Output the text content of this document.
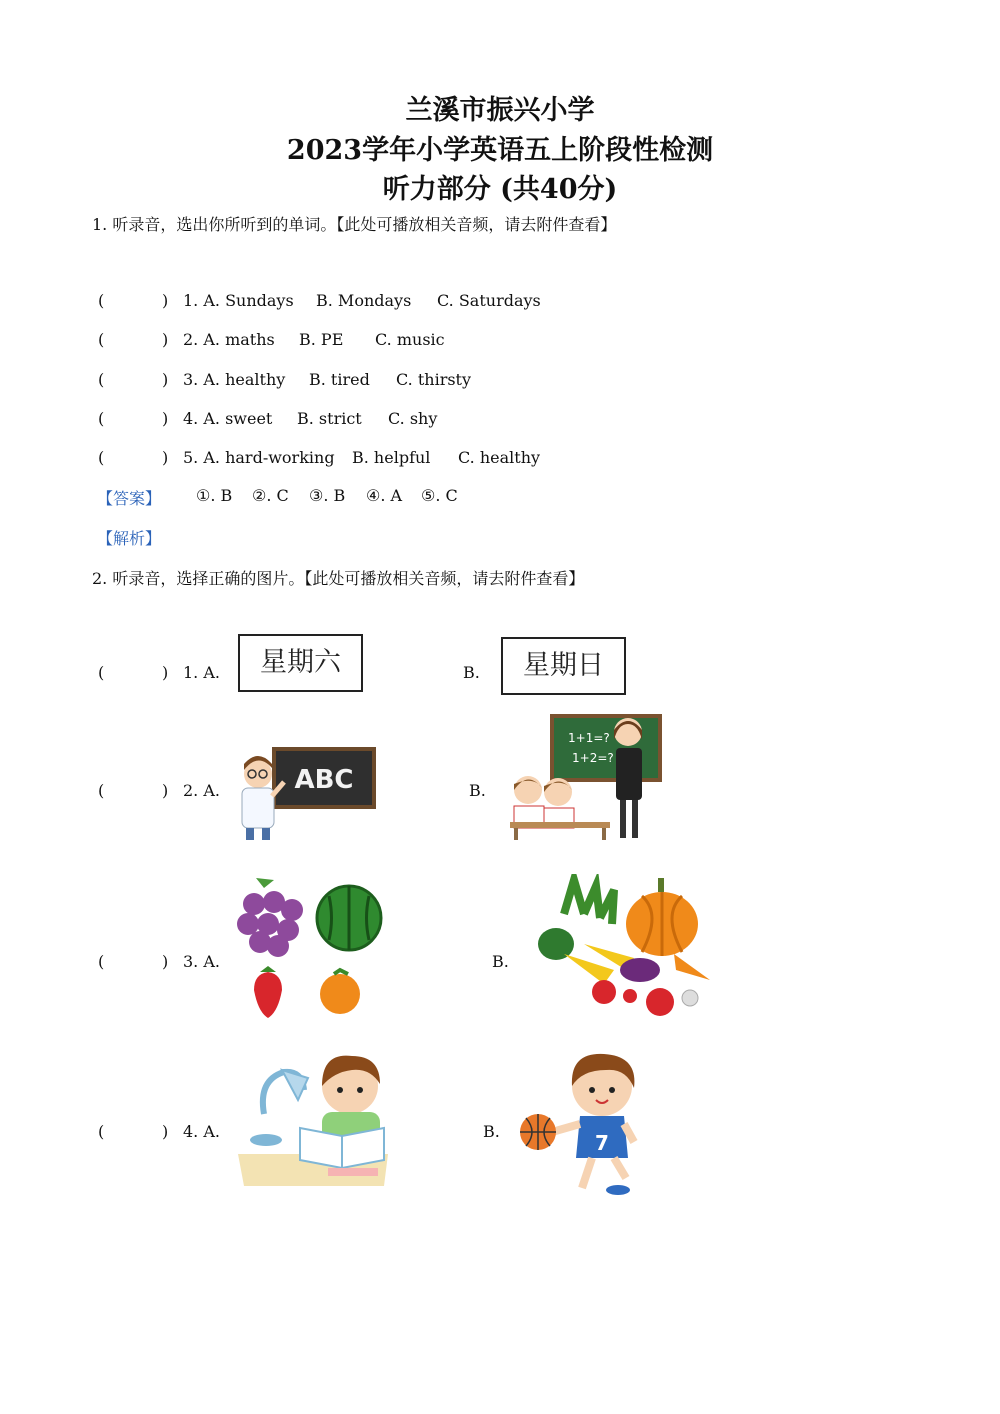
兰溪市振兴小学
2023学年小学英语五上阶段性检测
听力部分 (共40分)
1. 听录音，选出你所听到的单词。【此处可播放相关音频，请去附件查看】
(	) 1. A. Sundays B. Mondays C. Saturdays
(	) 2. A. maths B. PE C. music
(	) 3. A. healthy B. tired C. thirsty
(	) 4. A. sweet B. strict C. shy
(	) 5. A. hard-working B. helpful C. healthy
【答案】 ①. B ②. C ③. B ④. A ⑤. C
【解析】
2. 听录音，选择正确的图片。【此处可播放相关音频，请去附件查看】
(	) 1. A.	星期六	B.	星期日
(	) 2. A.	ABC	B.
1+1=?
1+2=?
(	) 3. A.	B.
(	) 4. A.	B.	7
